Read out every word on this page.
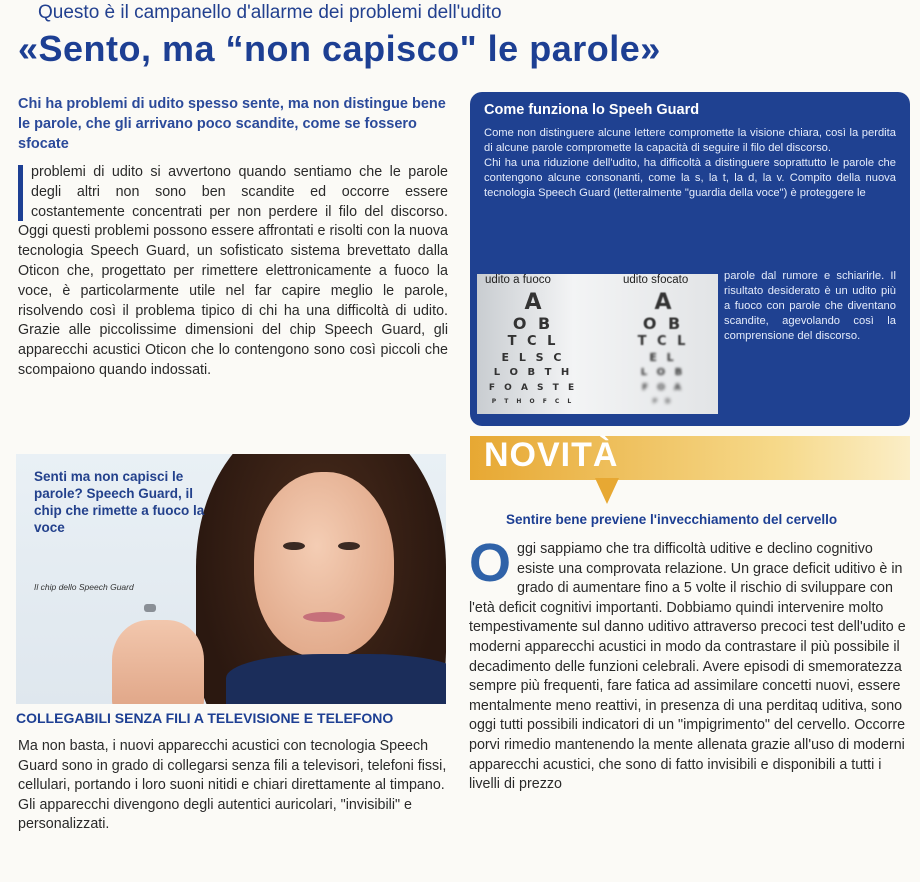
Questo è il campanello d'allarme dei problemi dell'udito
«Sento, ma “non capisco" le parole»
Chi ha problemi di udito spesso sente, ma non distingue bene le parole, che gli arrivano poco scandite, come se fossero sfocate
problemi di udito si avvertono quando sentiamo che le parole degli altri non sono ben scandite ed occorre essere costantemente concentrati per non perdere il filo del discorso. Oggi questi problemi possono essere affrontati e risolti con la nuova tecnologia Speech Guard, un sofisticato sistema brevettato dalla Oticon che, progettato per rimettere elettronicamente a fuoco la voce, è particolarmente utile nel far capire meglio le parole, risolvendo così il problema tipico di chi ha una difficoltà di udito. Grazie alle piccolissime dimensioni del chip Speech Guard, gli apparecchi acustici Oticon che lo contengono sono così piccoli che scompaiono quando indossati.
Senti ma non capisci le parole? Speech Guard, il chip che rimette a fuoco la voce
Il chip dello Speech Guard
COLLEGABILI SENZA FILI A TELEVISIONE E TELEFONO
Ma non basta, i nuovi apparecchi acustici con tecnologia Speech Guard sono in grado di collegarsi senza fili a televisori, telefoni fissi, cellulari, portando i loro suoni nitidi e chiari direttamente al timpano.
Gli apparecchi divengono degli autentici auricolari, "invisibili" e personalizzati.
Come funziona lo Speeh Guard
Come non distinguere alcune lettere compromette la visione chiara, così la perdita di alcune parole compromette la capacità di seguire il filo del discorso.
Chi ha una riduzione dell'udito, ha difficoltà a distinguere soprattutto le parole che contengono alcune consonanti, come la s, la t, la d, la v. Compito della nuova tecnologia Speech Guard (letteralmente "guardia della voce") è proteggere le
udito a fuoco	udito sfocato
A
O B
T C L
E L S C
L O B T H
F O A S T E
P T H O F C L
A
O B
T C L
E L
L O B
F O A
P D
parole dal rumore e schiarirle. Il risultato desiderato è un udito più a fuoco con parole che diventano scandite, agevolando così la comprensione del discorso.
NOVITÀ
Sentire bene previene l'invecchiamento del cervello
Oggi sappiamo che tra difficoltà uditive e declino cognitivo esiste una comprovata relazione. Un grace deficit uditivo è in grado di aumentare fino a 5 volte il rischio di sviluppare con l'età deficit cognitivi importanti. Dobbiamo quindi intervenire molto tempestivamente sul danno uditivo attraverso precoci test dell'udito e moderni apparecchi acustici in modo da contrastare il più possibile il decadimento delle funzioni celebrali. Avere episodi di smemoratezza sempre più frequenti, fare fatica ad assimilare concetti nuovi, essere mentalmente meno reattivi, in presenza di una perditaq uditiva, sono oggi tutti possibili indicatori di un "impigrimento" del cervello. Occorre porvi rimedio mantenendo la mente allenata grazie all'uso di moderni apparecchi acustici, che sono di fatto invisibili e disponibili a tutti i livelli di prezzo
